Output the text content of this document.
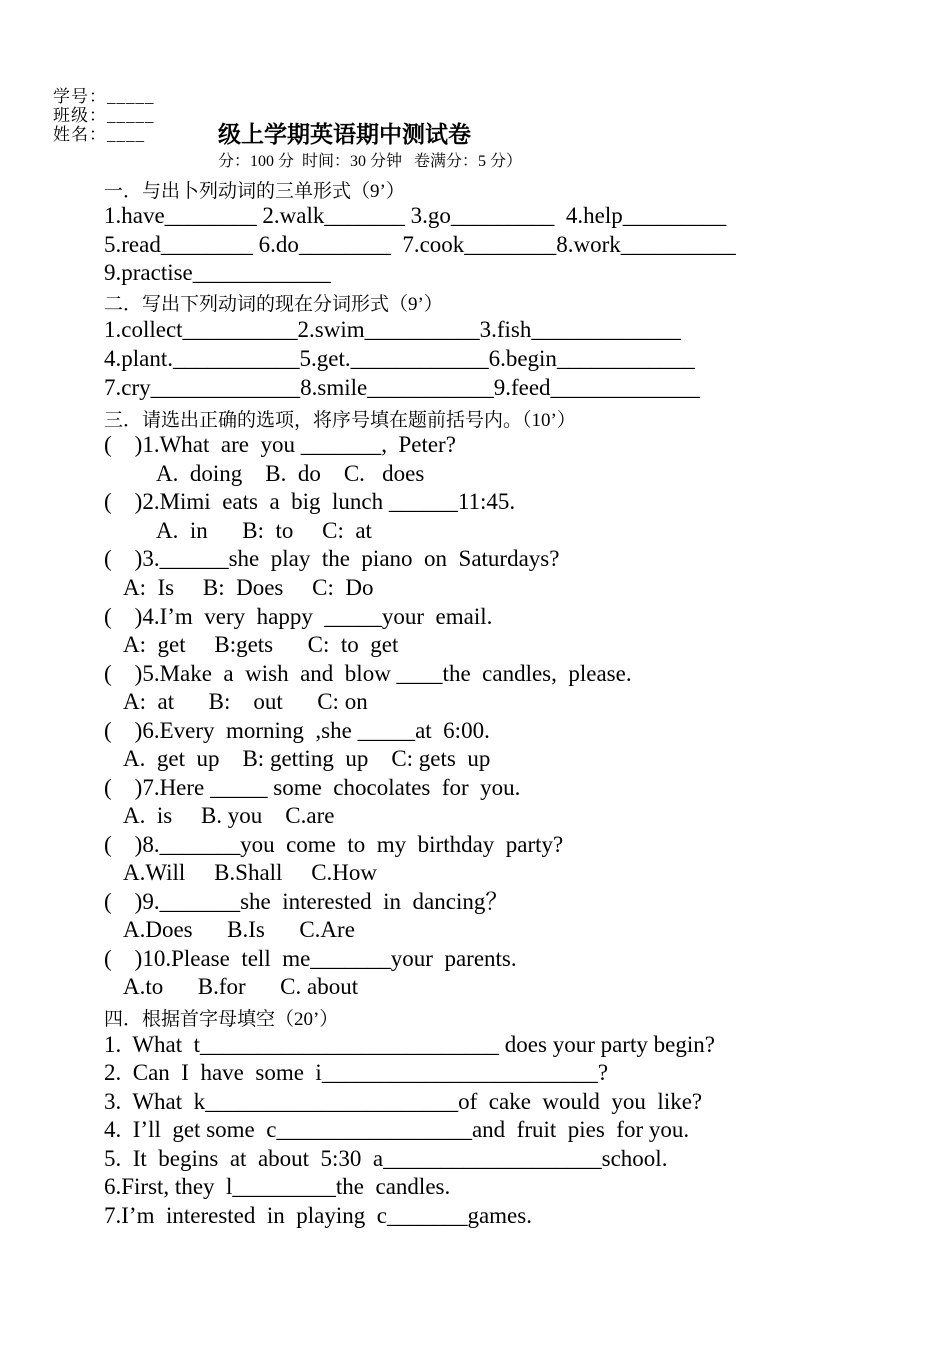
学号：_____
班级：_____
姓名：____	级上学期英语期中测试卷
分：100 分  时间：30 分钟   卷满分：5 分）
一．与出卜列动词的三单形式（9’）
1.have________ 2.walk_______ 3.go_________  4.help_________
5.read________ 6.do________  7.cook________8.work__________
9.practise____________
二．写出下列动词的现在分词形式（9’）
1.collect__________2.swim__________3.fish_____________
4.plant.___________5.get.____________6.begin____________
7.cry_____________8.smile___________9.feed_____________
三．请选出正确的选项，将序号填在题前括号内。（10’）
(    )1.What  are  you _______,  Peter?
A.  doing    B.  do    C.   does
(    )2.Mimi  eats  a  big  lunch ______11:45.
A.  in      B:  to     C:  at
(    )3.______she  play  the  piano  on  Saturdays?
A:  Is     B:  Does     C:  Do
(    )4.I’m  very  happy  _____your  email.
A:  get     B:gets      C:  to  get
(    )5.Make  a  wish  and  blow ____the  candles,  please.
A:  at      B:    out      C: on
(    )6.Every  morning  ,she _____at  6:00.
A.  get  up    B: getting  up    C: gets  up
(    )7.Here _____ some  chocolates  for  you.
A.  is     B. you    C.are
(    )8._______you  come  to  my  birthday  party?
A.Will     B.Shall     C.How
(    )9._______she  interested  in  dancing？
A.Does      B.Is      C.Are
(    )10.Please  tell  me_______your  parents.
A.to      B.for      C. about
四．根据首字母填空（20’）
1.  What  t__________________________ does your party begin?
2.  Can  I  have  some  i________________________?
3.  What  k______________________of  cake  would  you  like?
4.  I’ll  get some  c_________________and  fruit  pies  for you.
5.  It  begins  at  about  5:30  a___________________school.
6.First, they  l_________the  candles.
7.I’m  interested  in  playing  c_______games.
